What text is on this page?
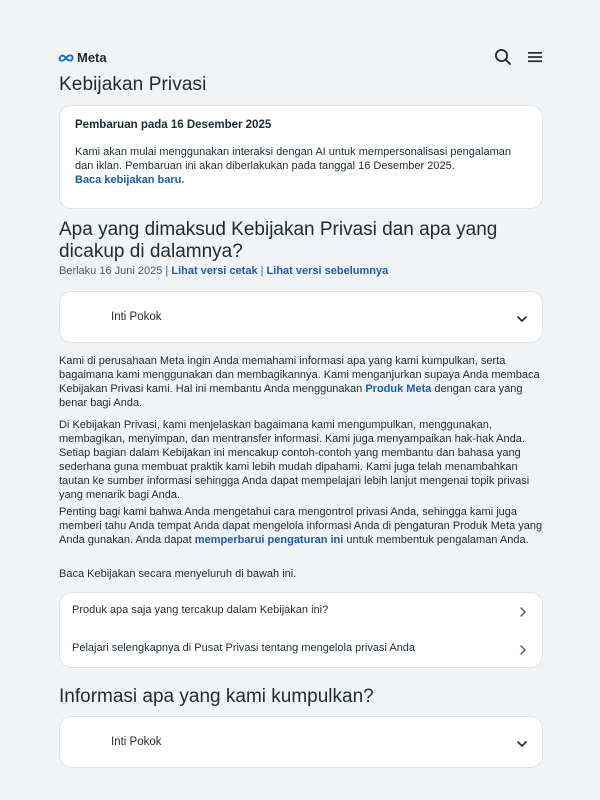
Meta
Kebijakan Privasi

Pembaruan pada 16 Desember 2025

Kami akan mulai menggunakan interaksi dengan AI untuk mempersonalisasi pengalaman dan iklan. Pembaruan ini akan diberlakukan pada tanggal 16 Desember 2025.

Baca kebijakan baru.
Apa yang dimaksud Kebijakan Privasi dan apa yang dicakup di dalamnya?
Berlaku 16 Juni 2025 | Lihat versi cetak | Lihat versi sebelumnya
Inti Pokok

Kami di perusahaan Meta ingin Anda memahami informasi apa yang kami kumpulkan, serta bagaimana kami menggunakan dan membagikannya. Kami menganjurkan supaya Anda membaca Kebijakan Privasi kami. Hal ini membantu Anda menggunakan Produk Meta dengan cara yang benar bagi Anda.

Di Kebijakan Privasi, kami menjelaskan bagaimana kami mengumpulkan, menggunakan, membagikan, menyimpan, dan mentransfer informasi. Kami juga menyampaikan hak-hak Anda. Setiap bagian dalam Kebijakan ini mencakup contoh-contoh yang membantu dan bahasa yang sederhana guna membuat praktik kami lebih mudah dipahami. Kami juga telah menambahkan tautan ke sumber informasi sehingga Anda dapat mempelajari lebih lanjut mengenai topik privasi yang menarik bagi Anda.

Penting bagi kami bahwa Anda mengetahui cara mengontrol privasi Anda, sehingga kami juga memberi tahu Anda tempat Anda dapat mengelola informasi Anda di pengaturan Produk Meta yang Anda gunakan. Anda dapat memperbarui pengaturan ini untuk membentuk pengalaman Anda.

Baca Kebijakan secara menyeluruh di bawah ini.

Produk apa saja yang tercakup dalam Kebijakan ini?
Pelajari selengkapnya di Pusat Privasi tentang mengelola privasi Anda
Informasi apa yang kami kumpulkan?
Inti Pokok
